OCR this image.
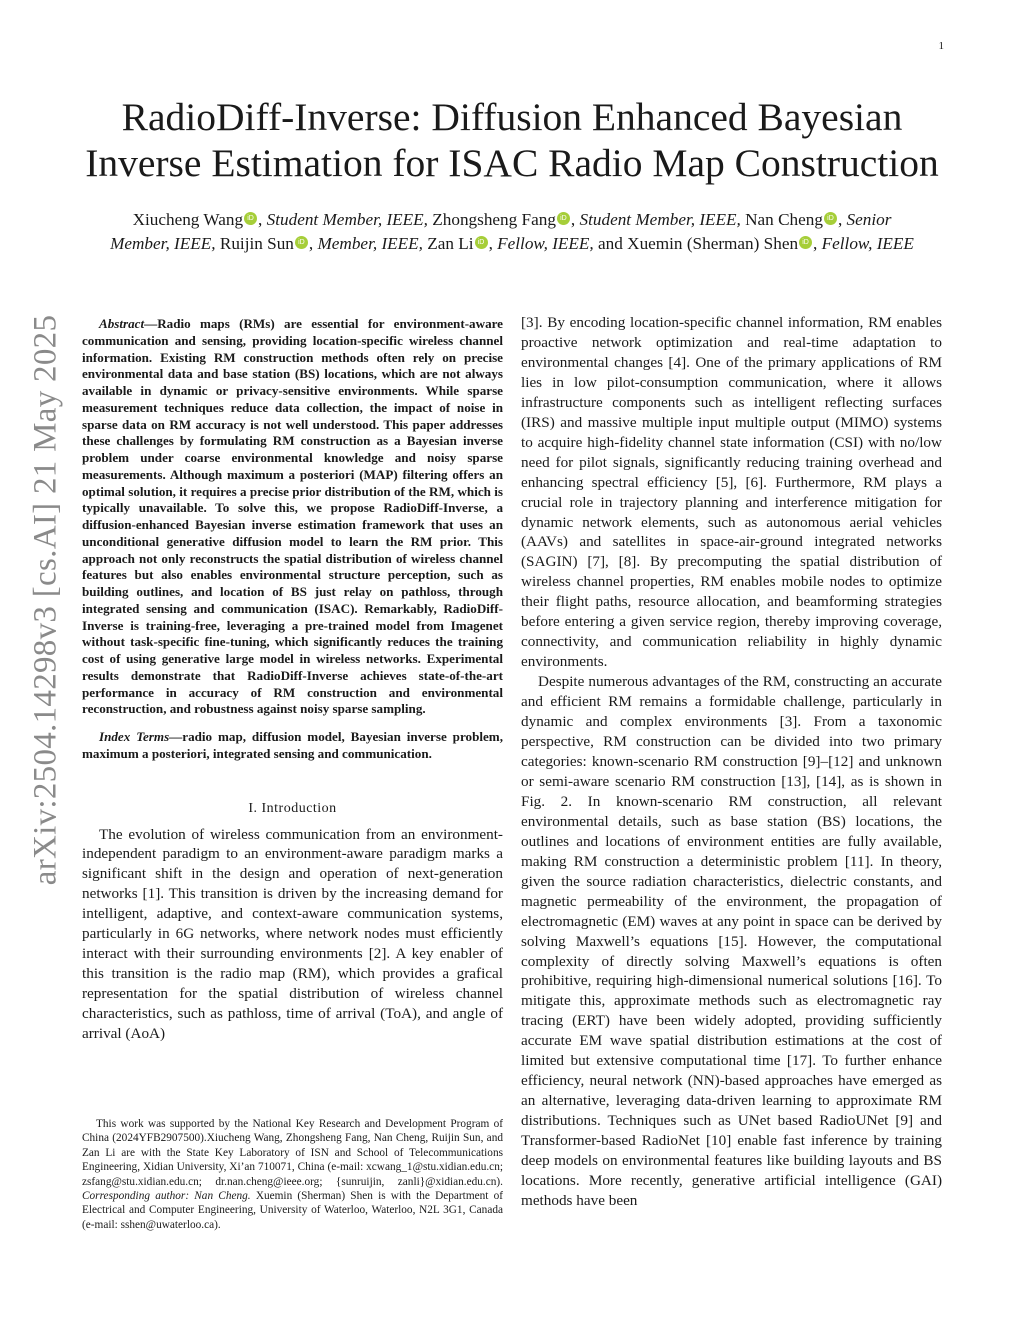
1
arXiv:2504.14298v3 [cs.AI] 21 May 2025
RadioDiff-Inverse: Diffusion Enhanced Bayesian
Inverse Estimation for ISAC Radio Map Construction
Xiucheng Wang iD , Student Member, IEEE, Zhongsheng Fang iD , Student Member, IEEE, Nan Cheng iD , Senior
Member, IEEE, Ruijin Sun iD , Member, IEEE, Zan Li iD , Fellow, IEEE, and Xuemin (Sherman) Shen iD , Fellow, IEEE

Abstract—Radio maps (RMs) are essential for environment-aware communication and sensing, providing location-specific wireless channel information. Existing RM construction methods often rely on precise environmental data and base station (BS) locations, which are not always available in dynamic or privacy-sensitive environments. While sparse measurement techniques reduce data collection, the impact of noise in sparse data on RM accuracy is not well understood. This paper addresses these challenges by formulating RM construction as a Bayesian inverse problem under coarse environmental knowledge and noisy sparse measurements. Although maximum a posteriori (MAP) filtering offers an optimal solution, it requires a precise prior distribution of the RM, which is typically unavailable. To solve this, we propose RadioDiff-Inverse, a diffusion-enhanced Bayesian inverse estimation framework that uses an unconditional generative diffusion model to learn the RM prior. This approach not only reconstructs the spatial distribution of wireless channel features but also enables environmental structure perception, such as building outlines, and location of BS just relay on pathloss, through integrated sensing and communication (ISAC). Remarkably, RadioDiff-Inverse is training-free, leveraging a pre-trained model from Imagenet without task-specific fine-tuning, which significantly reduces the training cost of using generative large model in wireless networks. Experimental results demonstrate that RadioDiff-Inverse achieves state-of-the-art performance in accuracy of RM construction and environmental reconstruction, and robustness against noisy sparse sampling.

Index Terms—radio map, diffusion model, Bayesian inverse problem, maximum a posteriori, integrated sensing and communication.

I. Introduction

The evolution of wireless communication from an environment-independent paradigm to an environment-aware paradigm marks a significant shift in the design and operation of next-generation networks [1]. This transition is driven by the increasing demand for intelligent, adaptive, and context-aware communication systems, particularly in 6G networks, where network nodes must efficiently interact with their surrounding environments [2]. A key enabler of this transition is the radio map (RM), which provides a grafical representation for the spatial distribution of wireless channel characteristics, such as pathloss, time of arrival (ToA), and angle of arrival (AoA)

This work was supported by the National Key Research and Development Program of China (2024YFB2907500).Xiucheng Wang, Zhongsheng Fang, Nan Cheng, Ruijin Sun, and Zan Li are with the State Key Laboratory of ISN and School of Telecommunications Engineering, Xidian University, Xi’an 710071, China (e-mail: xcwang_1@stu.xidian.edu.cn; zsfang@stu.xidian.edu.cn; dr.nan.cheng@ieee.org; {sunruijin, zanli}@xidian.edu.cn). Corresponding author: Nan Cheng. Xuemin (Sherman) Shen is with the Department of Electrical and Computer Engineering, University of Waterloo, Waterloo, N2L 3G1, Canada (e-mail: sshen@uwaterloo.ca).

[3]. By encoding location-specific channel information, RM enables proactive network optimization and real-time adaptation to environmental changes [4]. One of the primary applications of RM lies in low pilot-consumption communication, where it allows infrastructure components such as intelligent reflecting surfaces (IRS) and massive multiple input multiple output (MIMO) systems to acquire high-fidelity channel state information (CSI) with no/low need for pilot signals, significantly reducing training overhead and enhancing spectral efficiency [5], [6]. Furthermore, RM plays a crucial role in trajectory planning and interference mitigation for dynamic network elements, such as autonomous aerial vehicles (AAVs) and satellites in space-air-ground integrated networks (SAGIN) [7], [8]. By precomputing the spatial distribution of wireless channel properties, RM enables mobile nodes to optimize their flight paths, resource allocation, and beamforming strategies before entering a given service region, thereby improving coverage, connectivity, and communication reliability in highly dynamic environments.

Despite numerous advantages of the RM, constructing an accurate and efficient RM remains a formidable challenge, particularly in dynamic and complex environments [3]. From a taxonomic perspective, RM construction can be divided into two primary categories: known-scenario RM construction [9]–[12] and unknown or semi-aware scenario RM construction [13], [14], as is shown in Fig. 2. In known-scenario RM construction, all relevant environmental details, such as base station (BS) locations, the outlines and locations of environment entities are fully available, making RM construction a deterministic problem [11]. In theory, given the source radiation characteristics, dielectric constants, and magnetic permeability of the environment, the propagation of electromagnetic (EM) waves at any point in space can be derived by solving Maxwell’s equations [15]. However, the computational complexity of directly solving Maxwell’s equations is often prohibitive, requiring high-dimensional numerical solutions [16]. To mitigate this, approximate methods such as electromagnetic ray tracing (ERT) have been widely adopted, providing sufficiently accurate EM wave spatial distribution estimations at the cost of limited but extensive computational time [17]. To further enhance efficiency, neural network (NN)-based approaches have emerged as an alternative, leveraging data-driven learning to approximate RM distributions. Techniques such as UNet based RadioUNet [9] and Transformer-based RadioNet [10] enable fast inference by training deep models on environmental features like building layouts and BS locations. More recently, generative artificial intelligence (GAI) methods have been
